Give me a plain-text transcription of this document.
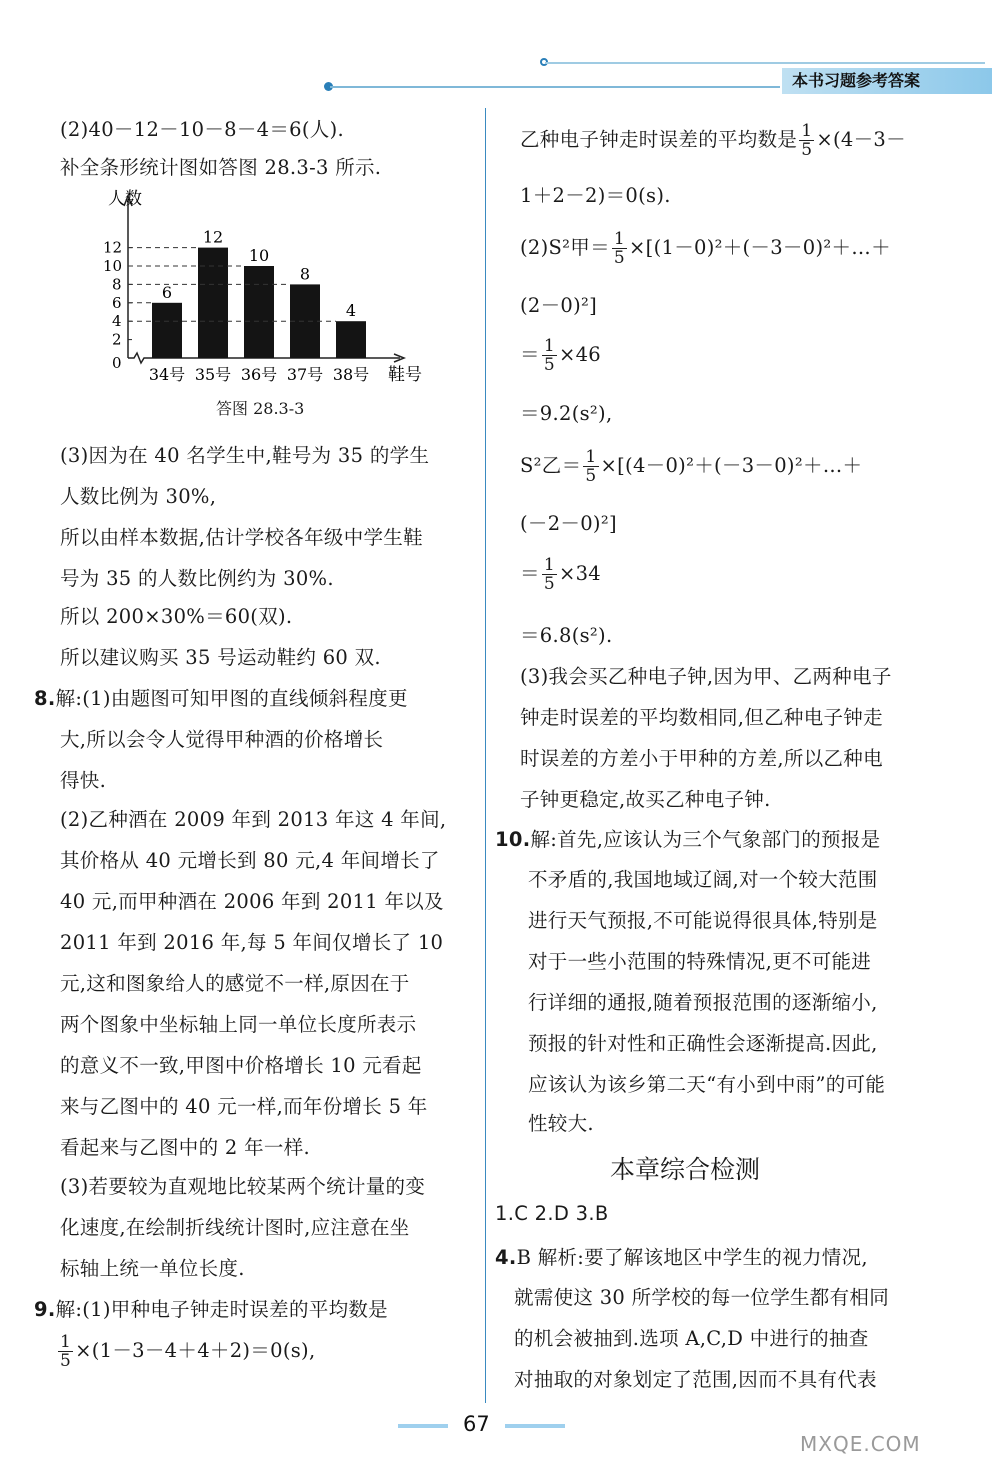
本书习题参考答案
(2)40－12－10－8－4＝6(人).
补全条形统计图如答图 28.3-3 所示.
人数
鞋号
0
2
4
6
8
10
12
6
34号
12
35号
10
36号
8
37号
4
38号
答图 28.3-3
(3)因为在 40 名学生中,鞋号为 35 的学生
人数比例为 30%,
所以由样本数据,估计学校各年级中学生鞋
号为 35 的人数比例约为 30%.
所以 200×30%＝60(双).
所以建议购买 35 号运动鞋约 60 双.
8.解:(1)由题图可知甲图的直线倾斜程度更
大,所以会令人觉得甲种酒的价格增长
得快.
(2)乙种酒在 2009 年到 2013 年这 4 年间,
其价格从 40 元增长到 80 元,4 年间增长了
40 元,而甲种酒在 2006 年到 2011 年以及
2011 年到 2016 年,每 5 年间仅增长了 10
元,这和图象给人的感觉不一样,原因在于
两个图象中坐标轴上同一单位长度所表示
的意义不一致,甲图中价格增长 10 元看起
来与乙图中的 40 元一样,而年份增长 5 年
看起来与乙图中的 2 年一样.
(3)若要较为直观地比较某两个统计量的变
化速度,在绘制折线统计图时,应注意在坐
标轴上统一单位长度.
9.解:(1)甲种电子钟走时误差的平均数是
$\frac{1}{5} \times(1-3-4+4+2)=0(s)$,
乙种电子钟走时误差的平均数是 $\frac{1}{5} \times(4-3-$
1＋2－2)＝0(s).
(2)S²甲＝ $\frac{1}{5}$ ×[(1－0)²＋(－3－0)²＋…＋
(2－0)²]
＝ $\frac{1}{5} \times 46$
＝9.2(s²),
S²乙＝ $\frac{1}{5}$ ×[(4－0)²＋(－3－0)²＋…＋
(－2－0)²]
＝ $\frac{1}{5} \times 34$
＝6.8(s²).
(3)我会买乙种电子钟,因为甲、乙两种电子
钟走时误差的平均数相同,但乙种电子钟走
时误差的方差小于甲种的方差,所以乙种电
子钟更稳定,故买乙种电子钟.
10.解:首先,应该认为三个气象部门的预报是
不矛盾的,我国地域辽阔,对一个较大范围
进行天气预报,不可能说得很具体,特别是
对于一些小范围的特殊情况,更不可能进
行详细的通报,随着预报范围的逐渐缩小,
预报的针对性和正确性会逐渐提高.因此,
应该认为该乡第二天“有小到中雨”的可能
性较大.
本章综合检测
1.C 2.D 3.B
4.B 解析:要了解该地区中学生的视力情况,
就需使这 30 所学校的每一位学生都有相同
的机会被抽到.选项 A,C,D 中进行的抽查
对抽取的对象划定了范围,因而不具有代表
67
MXQE.COM
